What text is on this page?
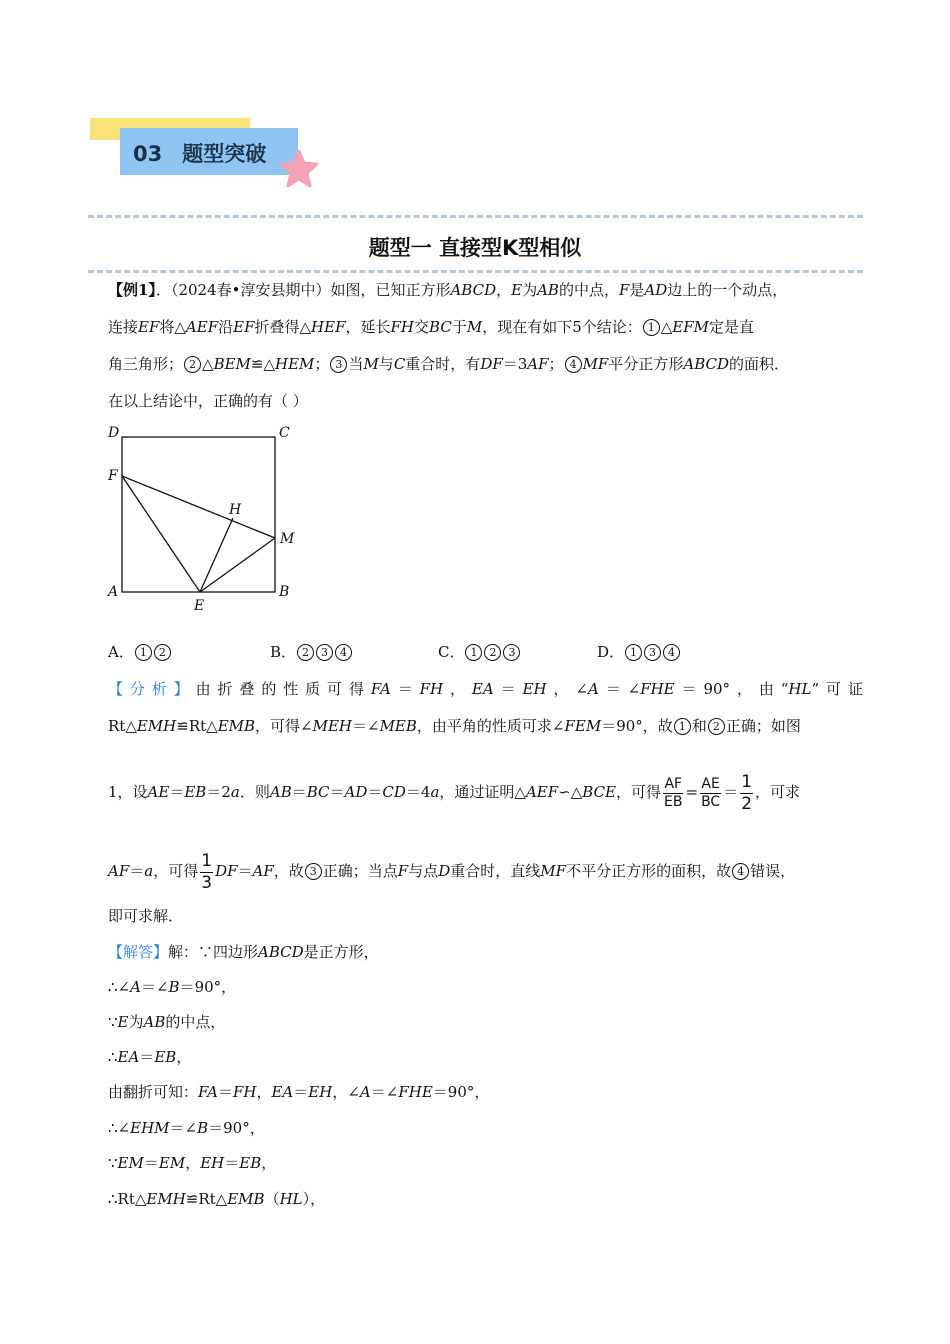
03 题型突破
题型一 直接型K型相似
【例1】．（2024春•淳安县期中）如图，已知正方形ABCD，E为AB的中点，F是AD边上的一个动点，
连接EF将△AEF沿EF折叠得△HEF，延长FH交BC于M，现在有如下5个结论： 1 △EFM定是直
角三角形； 2 △BEM≌△HEM； 3 当M与C重合时，有DF＝3AF； 4 MF平分正方形ABCD的面积．
在以上结论中，正确的有（ ）
D	C
F
H
M
A
E
B
A． 1 2	B． 2 3 4	C． 1 2 3	D． 1 3 4
【分析】由折叠的性质可得FA＝FH，EA＝EH，∠A＝∠FHE＝90°，由“HL”可证
Rt△EMH≌Rt△EMB，可得∠MEH＝∠MEB，由平角的性质可求∠FEM＝90°，故 1 和 2 正确；如图
1，设AE＝EB＝2a．则AB＝BC＝AD＝CD＝4a，通过证明△AEF∽△BCE，可得 $\frac{AF}{EB} = \frac{AE}{BC} = \frac{1}{2}$ ，可求
AF＝a，可得 $\frac{1}{3} DF=AF$，故 3 正确；当点F与点D重合时，直线MF不平分正方形的面积，故 4 错误，
即可求解．
【解答】解：∵四边形ABCD是正方形，
∴∠A＝∠B＝90°，
∵E为AB的中点，
∴EA＝EB，
由翻折可知：FA＝FH，EA＝EH，∠A＝∠FHE＝90°，
∴∠EHM＝∠B＝90°，
∵EM＝EM，EH＝EB，
∴Rt△EMH≌Rt△EMB（HL），
